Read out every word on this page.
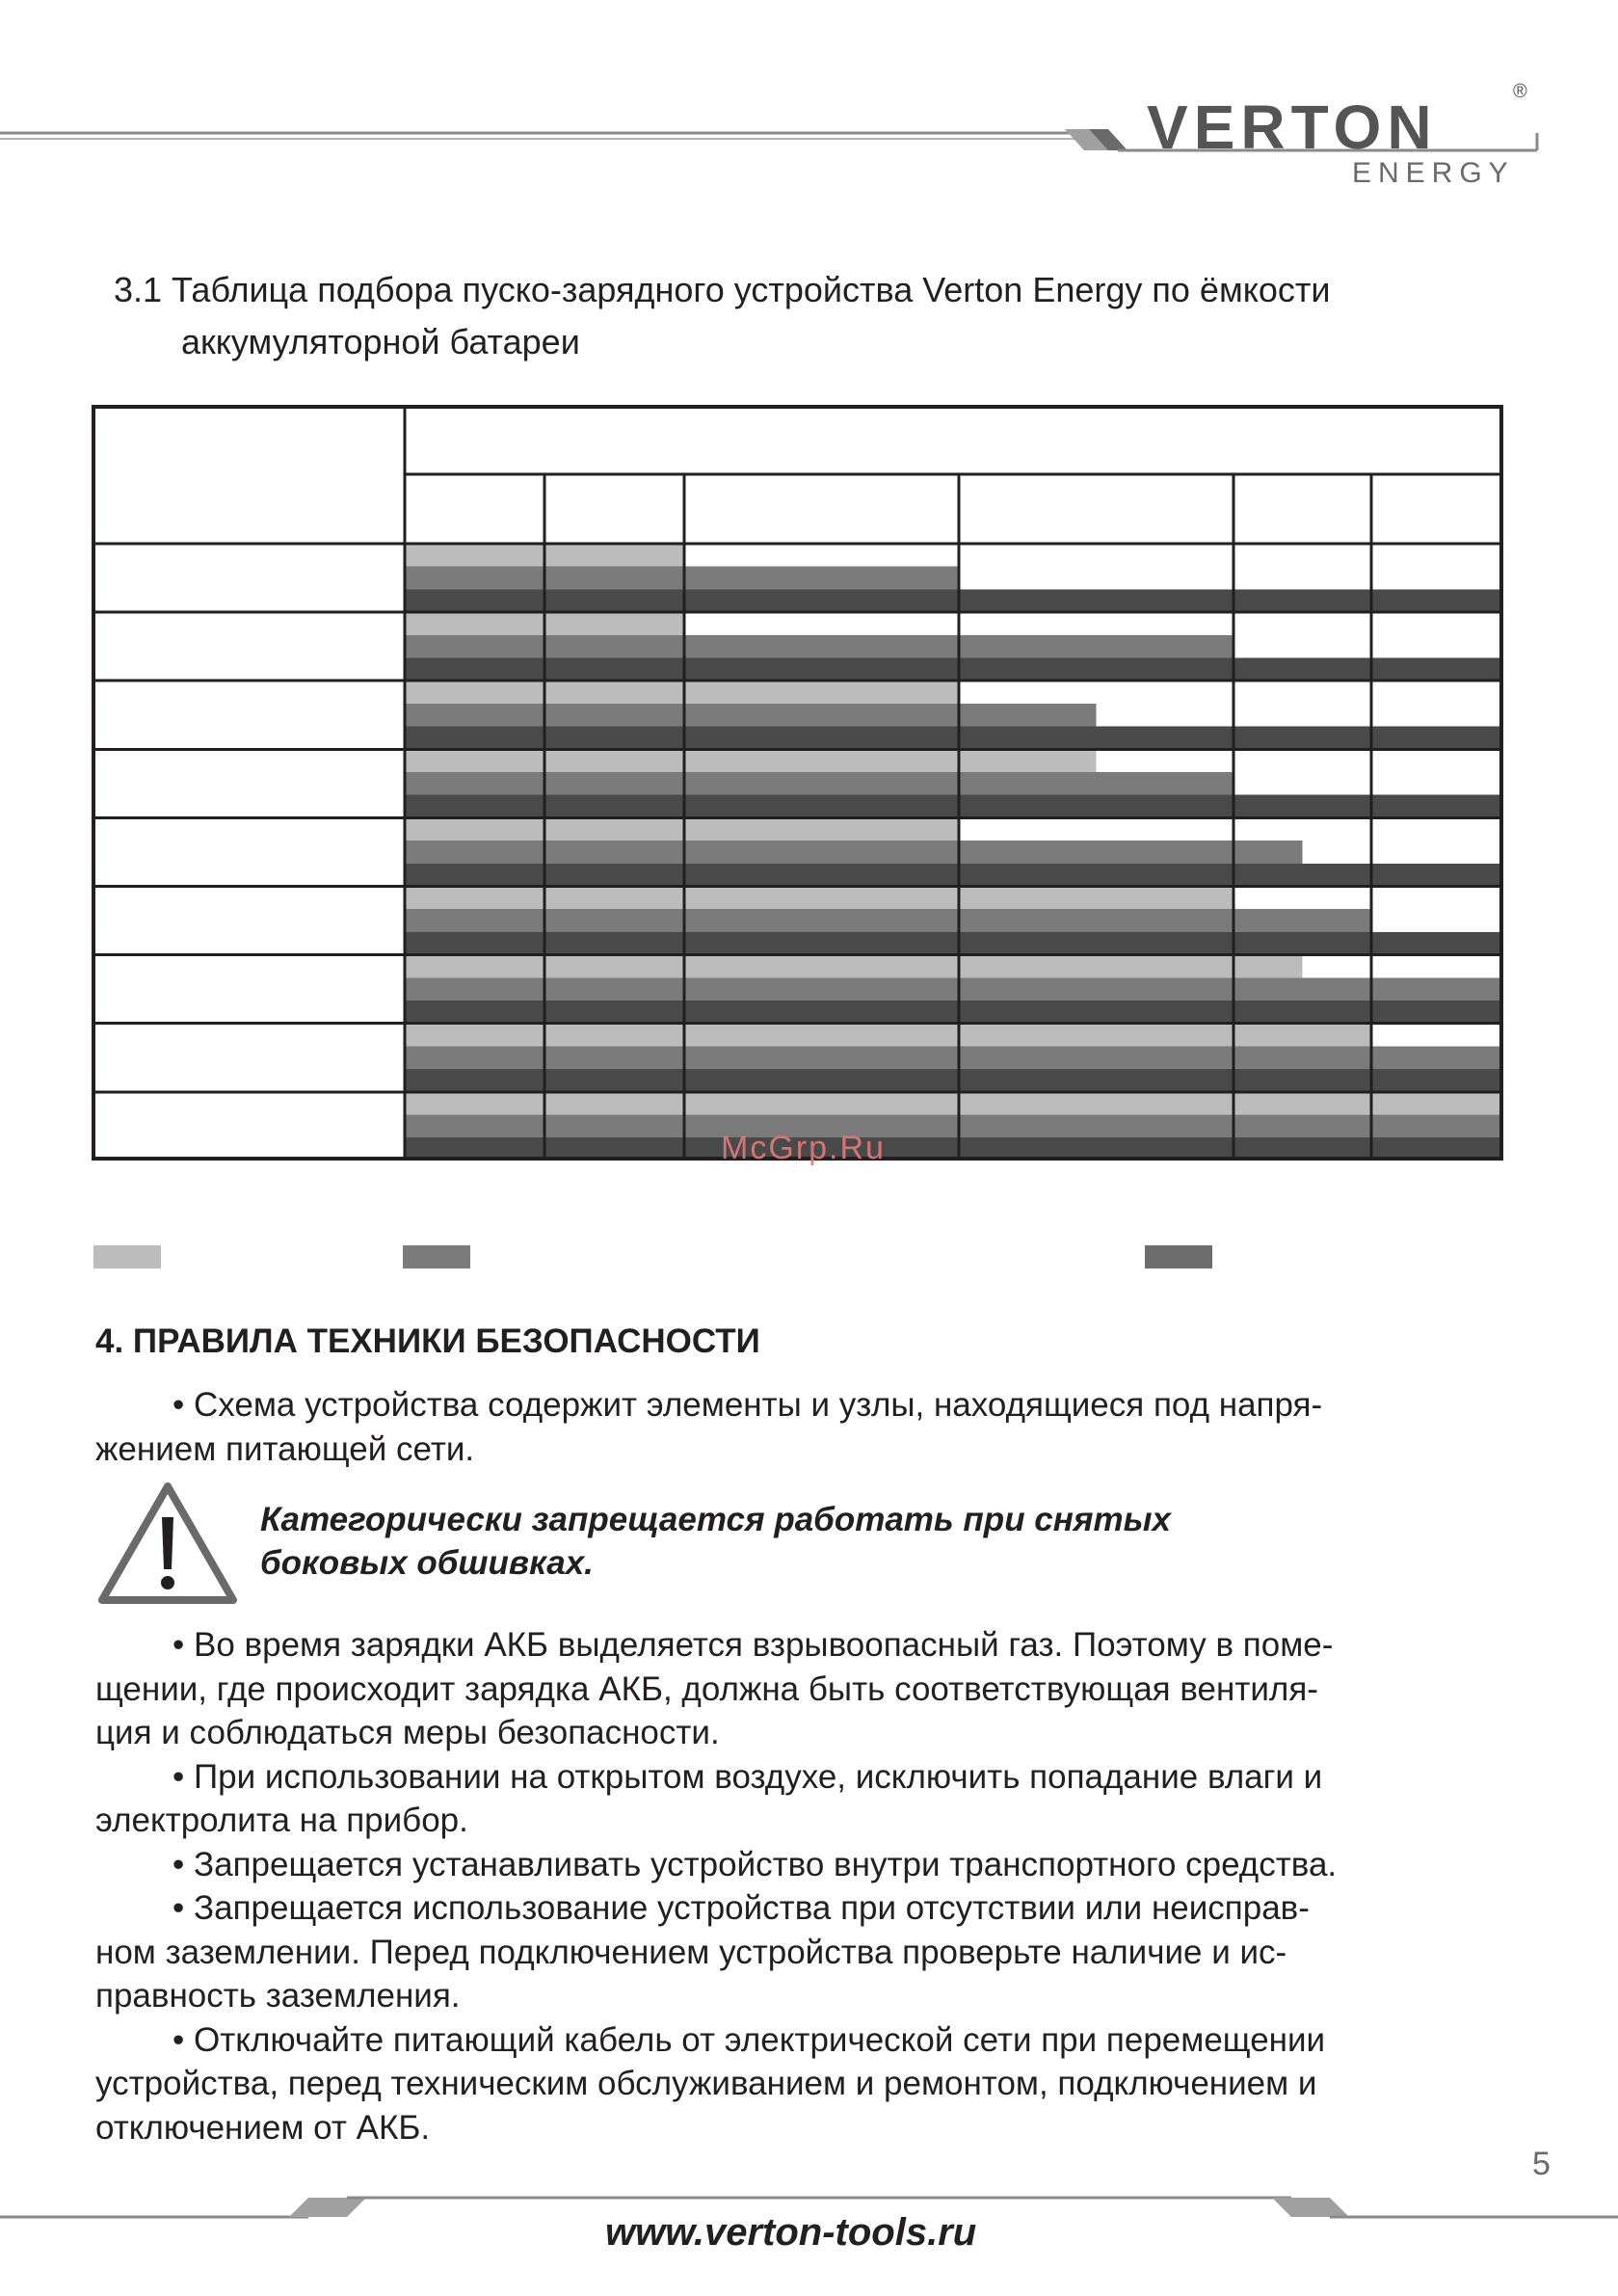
VERTON
®
ENERGY
3.1 Таблица подбора пуско-зарядного устройства Verton Energy по ёмкости
аккумуляторной батареи
McGrp.Ru
4. ПРАВИЛА ТЕХНИКИ БЕЗОПАСНОСТИ
• Схема устройства содержит элементы и узлы, находящиеся под напря-
жением питающей сети.
Категорически запрещается работать при снятых
боковых обшивках.
• Во время зарядки АКБ выделяется взрывоопасный газ. Поэтому в поме-
щении, где происходит зарядка АКБ, должна быть соответствующая вентиля-
ция и соблюдаться меры безопасности.
• При использовании на открытом воздухе, исключить попадание влаги и
электролита на прибор.
• Запрещается устанавливать устройство внутри транспортного средства.
• Запрещается использование устройства при отсутствии или неисправ-
ном заземлении. Перед подключением устройства проверьте наличие и ис-
правность заземления.
• Отключайте питающий кабель от электрической сети при перемещении
устройства, перед техническим обслуживанием и ремонтом, подключением и
отключением от АКБ.
5
www.verton-tools.ru
